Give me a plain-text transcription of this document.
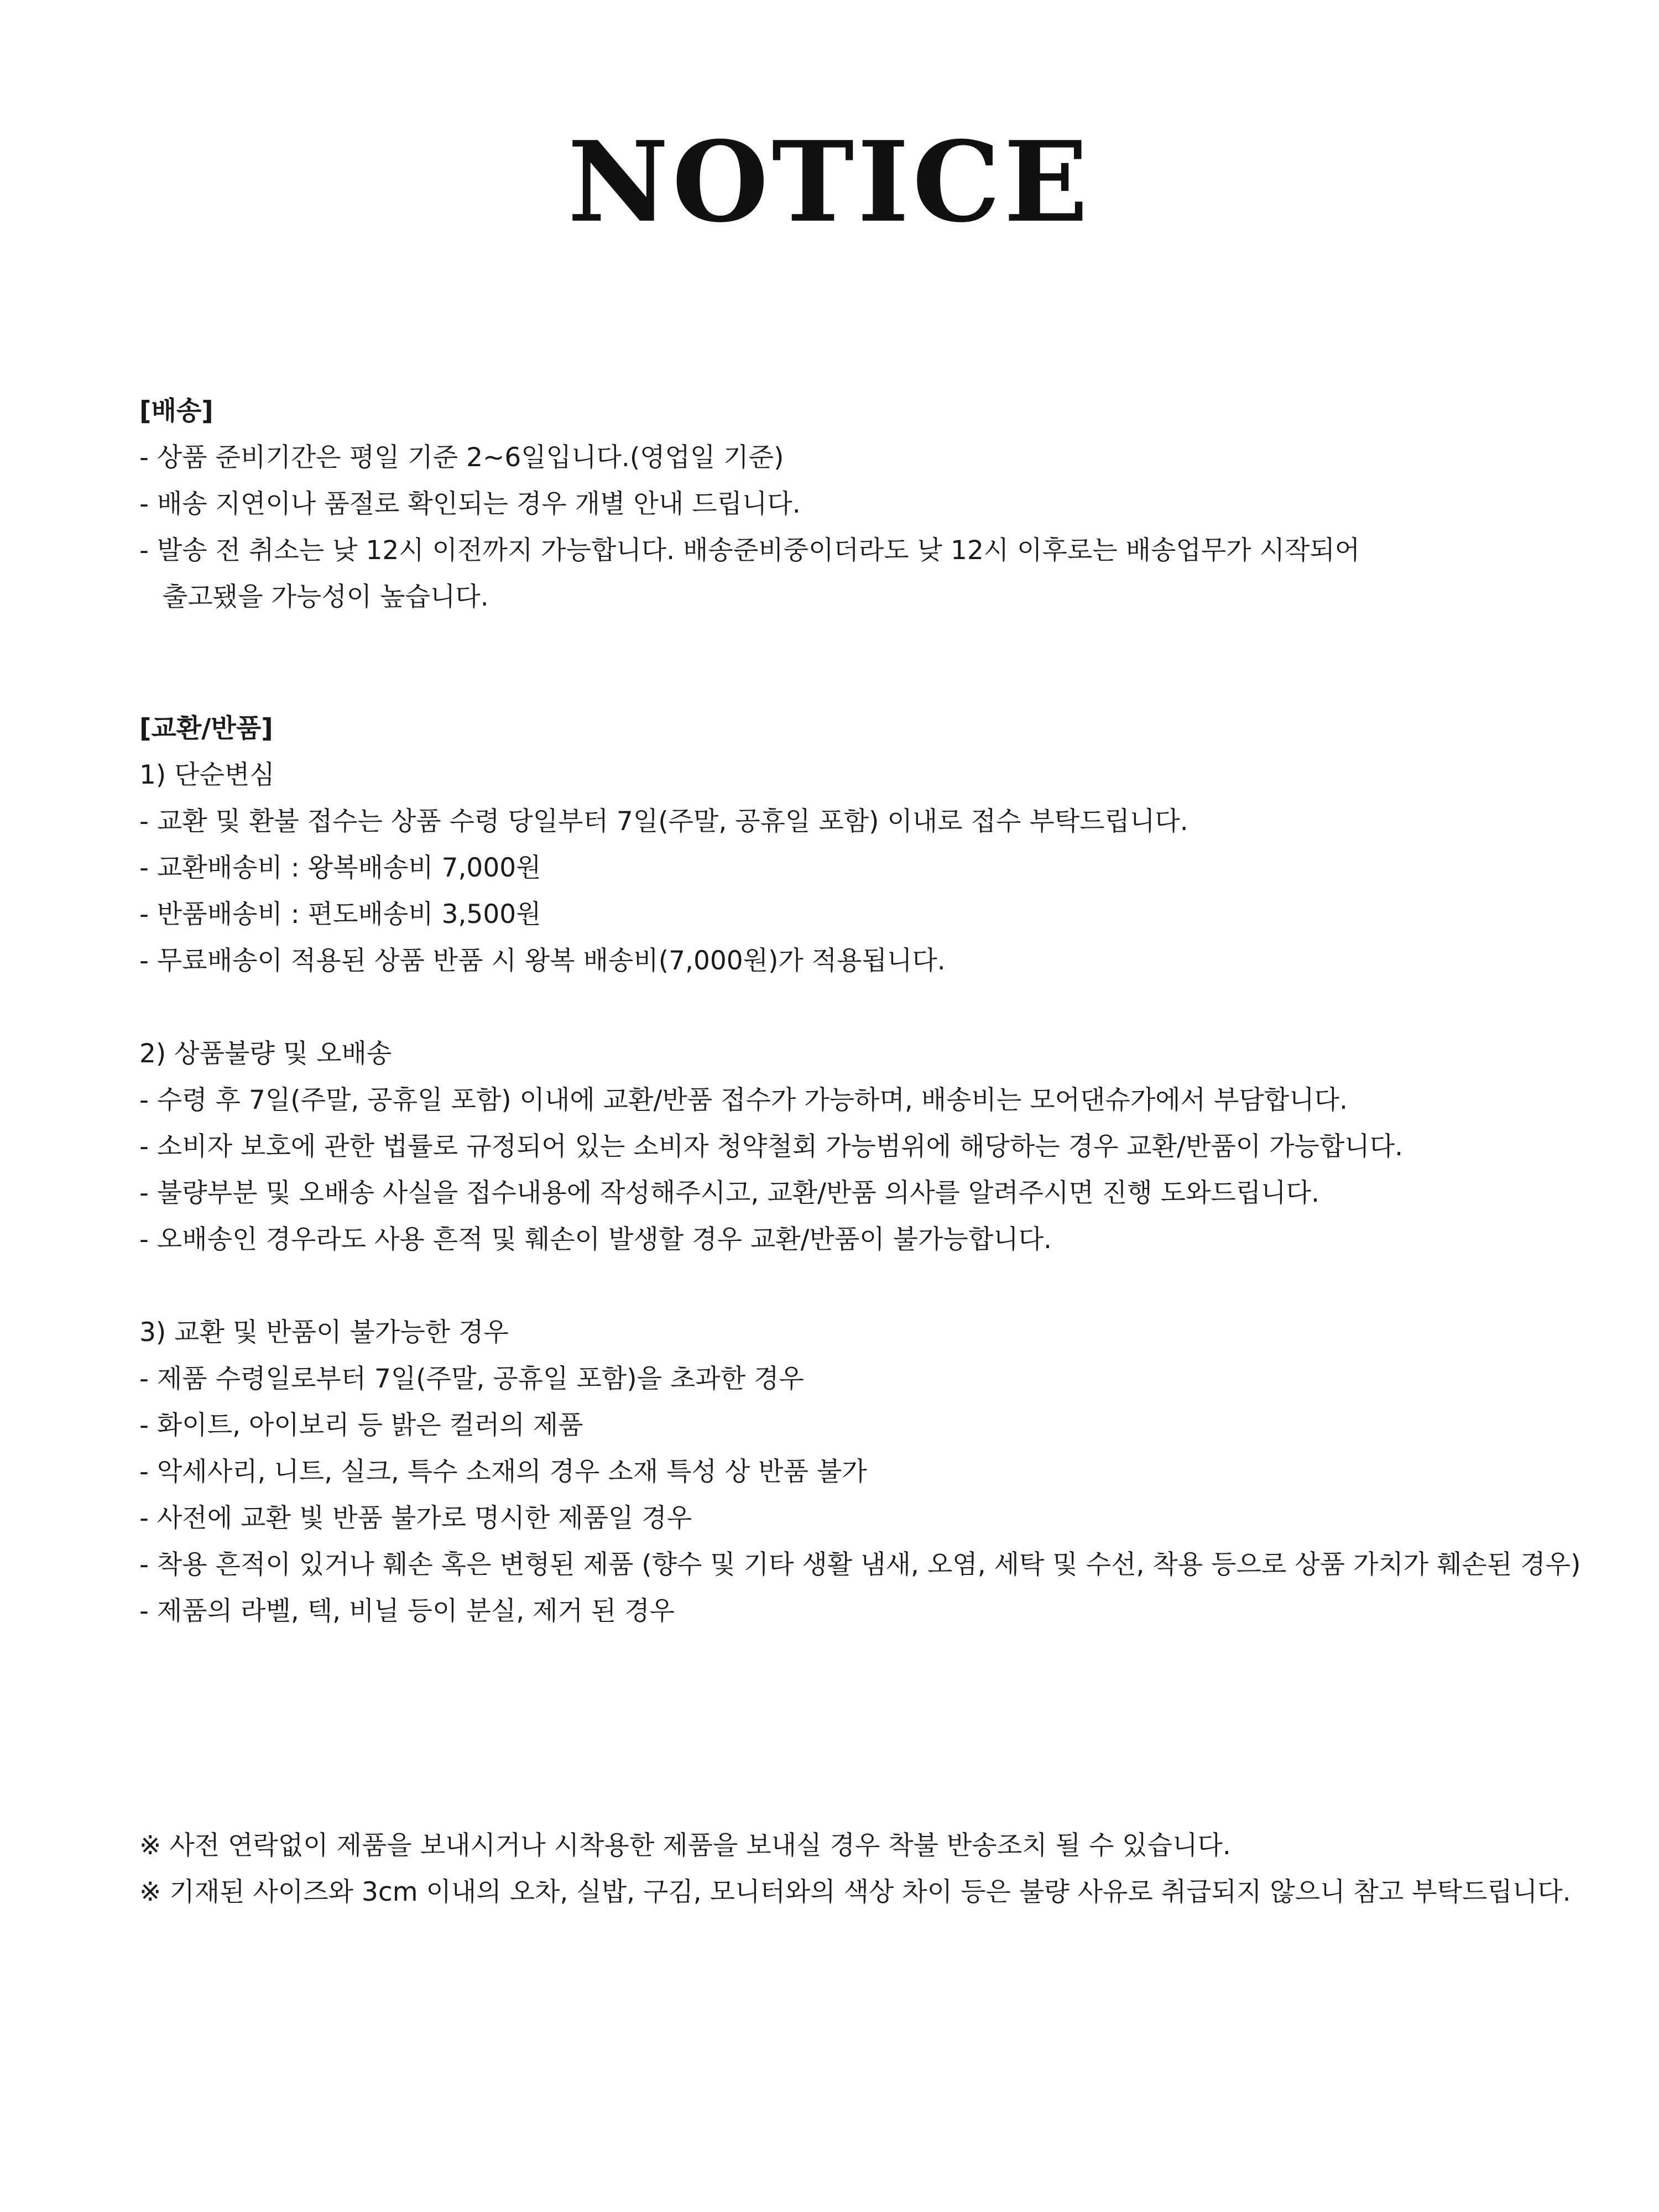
NOTICE
[배송]
- 상품 준비기간은 평일 기준 2~6일입니다.(영업일 기준)
- 배송 지연이나 품절로 확인되는 경우 개별 안내 드립니다.
- 발송 전 취소는 낮 12시 이전까지 가능합니다. 배송준비중이더라도 낮 12시 이후로는 배송업무가 시작되어
출고됐을 가능성이 높습니다.
[교환/반품]
1) 단순변심
- 교환 및 환불 접수는 상품 수령 당일부터 7일(주말, 공휴일 포함) 이내로 접수 부탁드립니다.
- 교환배송비 : 왕복배송비 7,000원
- 반품배송비 : 편도배송비 3,500원
- 무료배송이 적용된 상품 반품 시 왕복 배송비(7,000원)가 적용됩니다.
2) 상품불량 및 오배송
- 수령 후 7일(주말, 공휴일 포함) 이내에 교환/반품 접수가 가능하며, 배송비는 모어댄슈가에서 부담합니다.
- 소비자 보호에 관한 법률로 규정되어 있는 소비자 청약철회 가능범위에 해당하는 경우 교환/반품이 가능합니다.
- 불량부분 및 오배송 사실을 접수내용에 작성해주시고, 교환/반품 의사를 알려주시면 진행 도와드립니다.
- 오배송인 경우라도 사용 흔적 및 훼손이 발생할 경우 교환/반품이 불가능합니다.
3) 교환 및 반품이 불가능한 경우
- 제품 수령일로부터 7일(주말, 공휴일 포함)을 초과한 경우
- 화이트, 아이보리 등 밝은 컬러의 제품
- 악세사리, 니트, 실크, 특수 소재의 경우 소재 특성 상 반품 불가
- 사전에 교환 빛 반품 불가로 명시한 제품일 경우
- 착용 흔적이 있거나 훼손 혹은 변형된 제품 (향수 및 기타 생활 냄새, 오염, 세탁 및 수선, 착용 등으로 상품 가치가 훼손된 경우)
- 제품의 라벨, 텍, 비닐 등이 분실, 제거 된 경우
※ 사전 연락없이 제품을 보내시거나 시착용한 제품을 보내실 경우 착불 반송조치 될 수 있습니다.
※ 기재된 사이즈와 3cm 이내의 오차, 실밥, 구김, 모니터와의 색상 차이 등은 불량 사유로 취급되지 않으니 참고 부탁드립니다.
